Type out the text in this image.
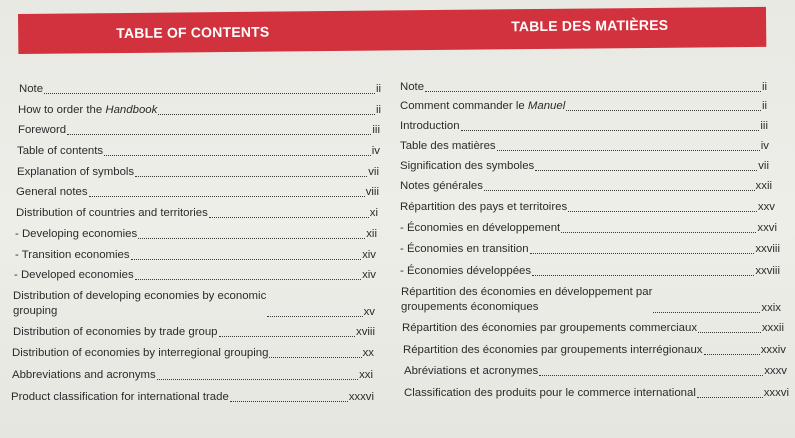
TABLE OF CONTENTS	TABLE DES MATIÈRES
Note	ii
How to order the Handbook	ii
Foreword	iii
Table of contents	iv
Explanation of symbols	vii
General notes	viii
Distribution of countries and territories	xi
- Developing economies	xii
- Transition economies	xiv
- Developed economies	xiv
Distribution of developing economies by economic
grouping	xv
Distribution of economies by trade group	xviii
Distribution of economies by interregional grouping	xx
Abbreviations and acronyms	xxi
Product classification for international trade	xxxvi
Note	ii
Comment commander le Manuel	ii
Introduction	iii
Table des matières	iv
Signification des symboles	vii
Notes générales	xxii
Répartition des pays et territoires	xxv
- Économies en développement	xxvi
- Économies en transition	xxviii
- Économies développées	xxviii
Répartition des économies en développement par
groupements économiques	xxix
Répartition des économies par groupements commerciaux	xxxii
Répartition des économies par groupements interrégionaux	xxxiv
Abréviations et acronymes	xxxv
Classification des produits pour le commerce international	xxxvi
